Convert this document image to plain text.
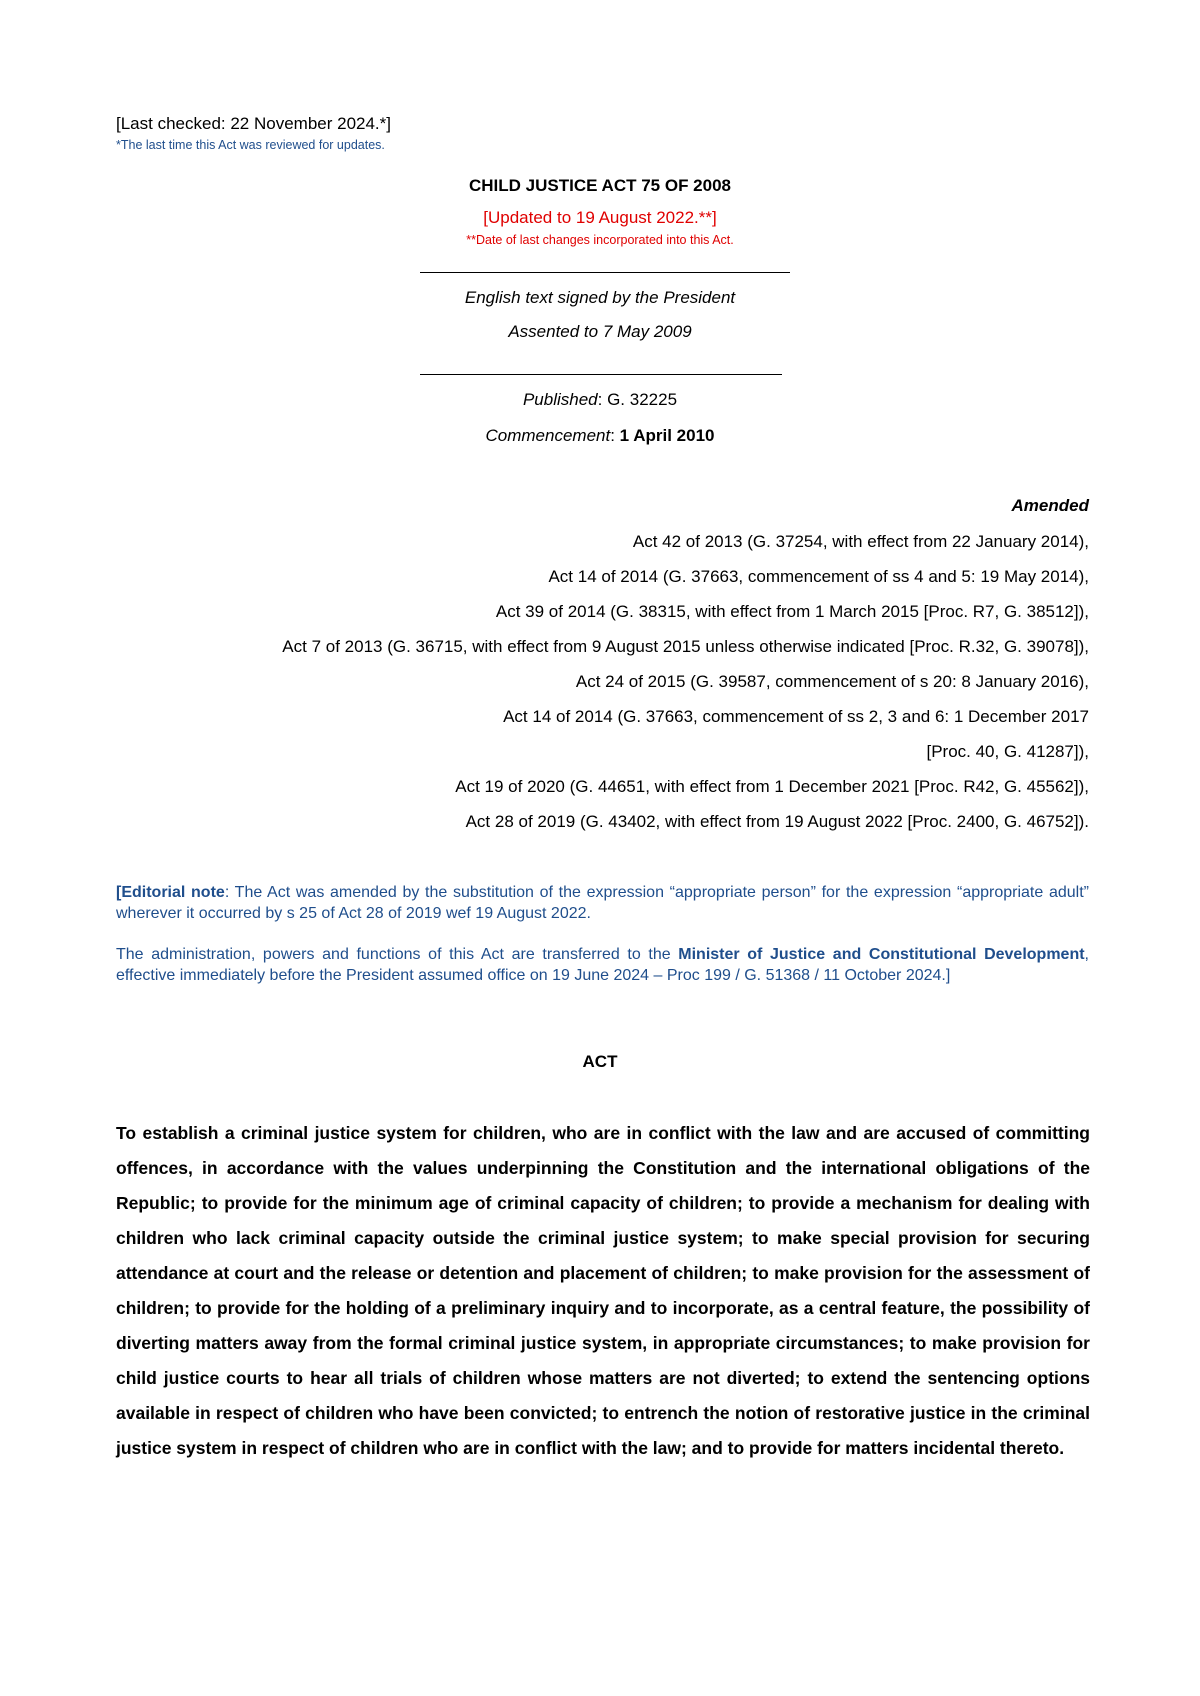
[Last checked: 22 November 2024.*]
*The last time this Act was reviewed for updates.
CHILD JUSTICE ACT 75 OF 2008
[Updated to 19 August 2022.**]
**Date of last changes incorporated into this Act.
English text signed by the President
Assented to 7 May 2009
Published: G. 32225
Commencement: 1 April 2010
Amended
Act 42 of 2013 (G. 37254, with effect from 22 January 2014),
Act 14 of 2014 (G. 37663, commencement of ss 4 and 5: 19 May 2014),
Act 39 of 2014 (G. 38315, with effect from 1 March 2015 [Proc. R7, G. 38512]),
Act 7 of 2013 (G. 36715, with effect from 9 August 2015 unless otherwise indicated [Proc. R.32, G. 39078]),
Act 24 of 2015 (G. 39587, commencement of s 20: 8 January 2016),
Act 14 of 2014 (G. 37663, commencement of ss 2, 3 and 6: 1 December 2017
[Proc. 40, G. 41287]),
Act 19 of 2020 (G. 44651, with effect from 1 December 2021 [Proc. R42, G. 45562]),
Act 28 of 2019 (G. 43402, with effect from 19 August 2022 [Proc. 2400, G. 46752]).
[Editorial note: The Act was amended by the substitution of the expression “appropriate person” for the expression “appropriate adult” wherever it occurred by s 25 of Act 28 of 2019 wef 19 August 2022.
The administration, powers and functions of this Act are transferred to the Minister of Justice and Constitutional Development, effective immediately before the President assumed office on 19 June 2024 – Proc 199 / G. 51368 / 11 October 2024.]
ACT
To establish a criminal justice system for children, who are in conflict with the law and are accused of committing offences, in accordance with the values underpinning the Constitution and the international obligations of the Republic; to provide for the minimum age of criminal capacity of children; to provide a mechanism for dealing with children who lack criminal capacity outside the criminal justice system; to make special provision for securing attendance at court and the release or detention and placement of children; to make provision for the assessment of children; to provide for the holding of a preliminary inquiry and to incorporate, as a central feature, the possibility of diverting matters away from the formal criminal justice system, in appropriate circumstances; to make provision for child justice courts to hear all trials of children whose matters are not diverted; to extend the sentencing options available in respect of children who have been convicted; to entrench the notion of restorative justice in the criminal justice system in respect of children who are in conflict with the law; and to provide for matters incidental thereto.
